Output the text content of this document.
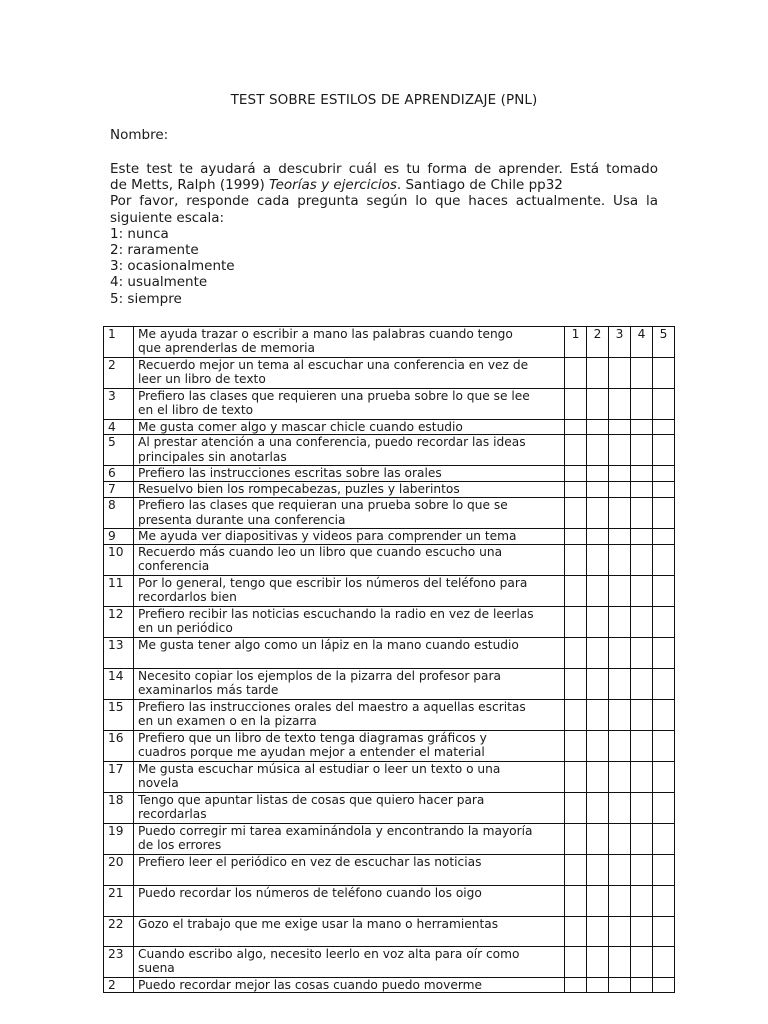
TEST SOBRE ESTILOS DE APRENDIZAJE (PNL)
Nombre:
Este test te ayudará a descubrir cuál es tu forma de aprender. Está tomado
de Metts, Ralph (1999) Teorías y ejercicios. Santiago de Chile pp32
Por favor, responde cada pregunta según lo que haces actualmente. Usa la
siguiente escala:
1: nunca
2: raramente
3: ocasionalmente
4: usualmente
5: siempre
1	Me ayuda trazar o escribir a mano las palabras cuando tengo
que aprenderlas de memoria	1	2	3	4	5
2	Recuerdo mejor un tema al escuchar una conferencia en vez de
leer un libro de texto					
3	Prefiero las clases que requieren una prueba sobre lo que se lee
en el libro de texto					
4	Me gusta comer algo y mascar chicle cuando estudio					
5	Al prestar atención a una conferencia, puedo recordar las ideas
principales sin anotarlas					
6	Prefiero las instrucciones escritas sobre las orales					
7	Resuelvo bien los rompecabezas, puzles y laberintos					
8	Prefiero las clases que requieran una prueba sobre lo que se
presenta durante una conferencia					
9	Me ayuda ver diapositivas y videos para comprender un tema					
10	Recuerdo más cuando leo un libro que cuando escucho una
conferencia					
11	Por lo general, tengo que escribir los números del teléfono para
recordarlos bien					
12	Prefiero recibir las noticias escuchando la radio en vez de leerlas
en un periódico					
13	Me gusta tener algo como un lápiz en la mano cuando estudio					
14	Necesito copiar los ejemplos de la pizarra del profesor para
examinarlos más tarde					
15	Prefiero las instrucciones orales del maestro a aquellas escritas
en un examen o en la pizarra					
16	Prefiero que un libro de texto tenga diagramas gráficos y
cuadros porque me ayudan mejor a entender el material					
17	Me gusta escuchar música al estudiar o leer un texto o una
novela					
18	Tengo que apuntar listas de cosas que quiero hacer para
recordarlas					
19	Puedo corregir mi tarea examinándola y encontrando la mayoría
de los errores					
20	Prefiero leer el periódico en vez de escuchar las noticias					
21	Puedo recordar los números de teléfono cuando los oigo					
22	Gozo el trabajo que me exige usar la mano o herramientas					
23	Cuando escribo algo, necesito leerlo en voz alta para oír como
suena					
2	Puedo recordar mejor las cosas cuando puedo moverme					
